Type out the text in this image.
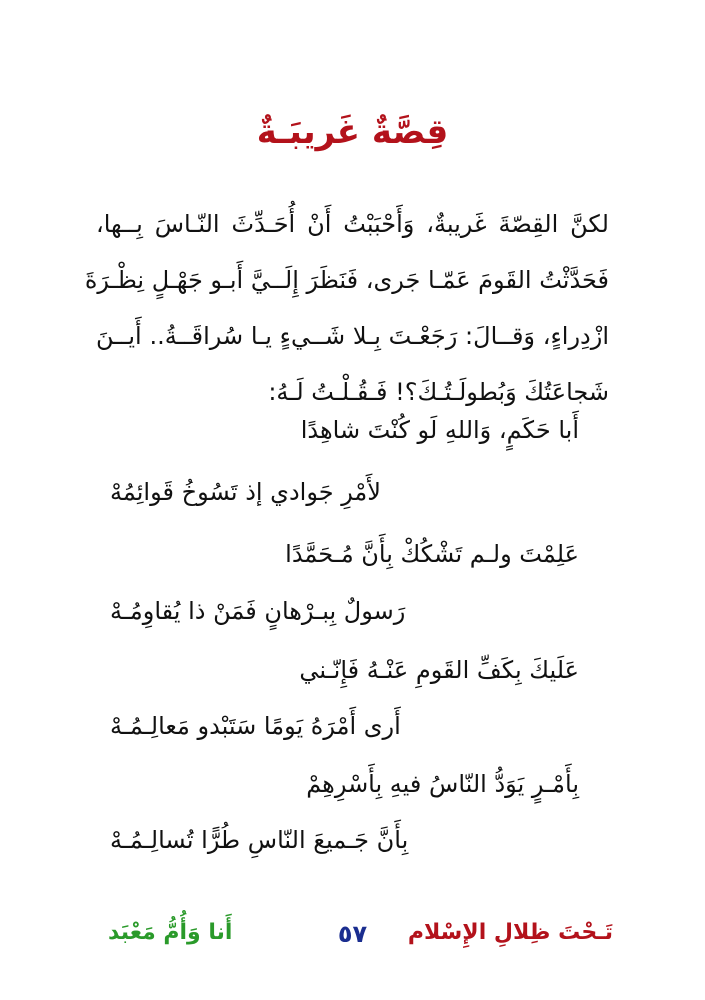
قِصَّةٌ غَريبَـةٌ
لكنَّ القِصّةَ غَريبةٌ، وَأَحْبَبْتُ أَنْ أُحَـدِّثَ النّـاسَ بِــها،
فَحَدَّثْتُ القَومَ عَمّـا جَرى، فَنَظَرَ إِلَــيَّ أَبـو جَهْـلٍ نِظْـرَةَ
ازْدِراءٍ، وَقــالَ: رَجَعْـتَ بِـلا شَــيءٍ يـا سُراقَــةُ.. أَيــنَ
شَجاعَتُكَ وَبُطولَـتُـكَ؟! فَـقُـلْـتُ لَـهُ:
أَبا حَكَمٍ، وَاللهِ لَو كُنْتَ شاهِدًا
لأَمْرِ جَوادي إذ تَسُوخُ قَوائِمُهْ
عَلِمْتَ ولـم تَشْكُكْ بِأَنَّ مُـحَمَّدًا
رَسولٌ بِبـرْهانٍ فَمَنْ ذا يُقاوِمُـهْ
عَلَيكَ بِكَفِّ القَومِ عَنْـهُ فَإِنّـني
أَرى أَمْرَهُ يَومًا سَتَبْدو مَعالِـمُـهْ
بِأَمْـرٍ يَوَدُّ النّاسُ فيهِ بِأَسْرِهِمْ
بِأَنَّ جَـميعَ النّاسِ طُرًّا تُسالِـمُـهْ
أَنا وَأُمُّ مَعْبَد	٥٧	تَـحْتَ ظِلالِ الإِسْلام
